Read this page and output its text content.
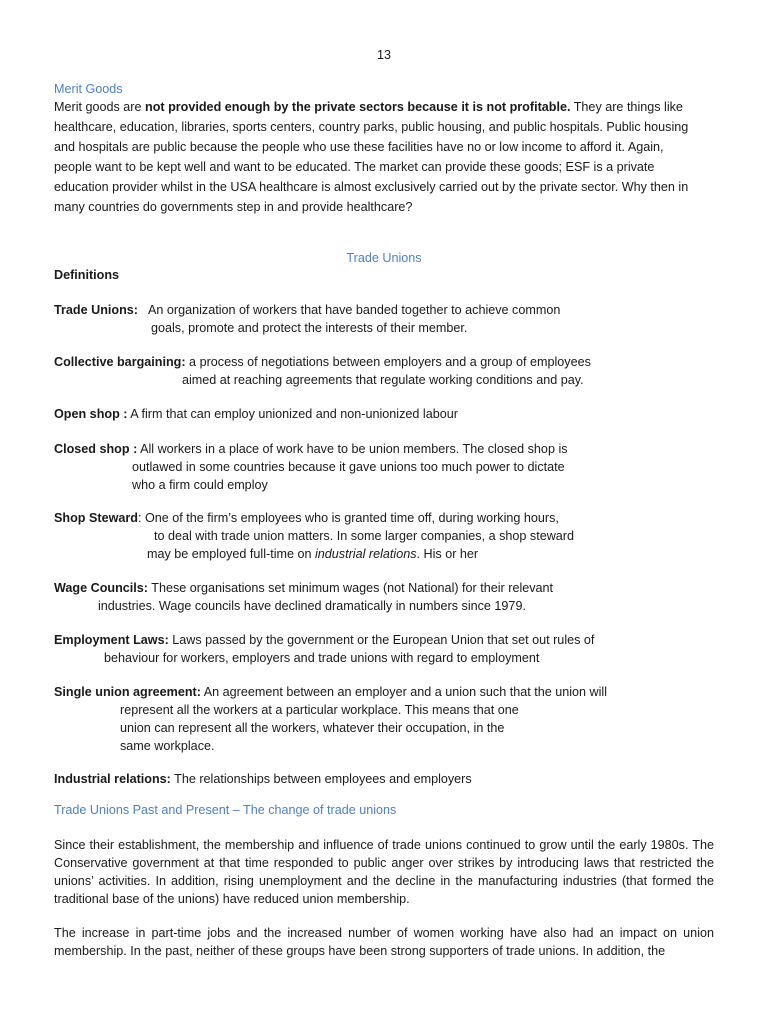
13
Merit Goods
Merit goods are not provided enough by the private sectors because it is not profitable. They are things like
healthcare, education, libraries, sports centers, country parks, public housing, and public hospitals. Public housing
and hospitals are public because the people who use these facilities have no or low income to afford it. Again,
people want to be kept well and want to be educated. The market can provide these goods; ESF is a private
education provider whilst in the USA healthcare is almost exclusively carried out by the private sector. Why then in
many countries do governments step in and provide healthcare?
Trade Unions
Definitions
Trade Unions: An organization of workers that have banded together to achieve common
goals, promote and protect the interests of their member.
Collective bargaining: a process of negotiations between employers and a group of employees
aimed at reaching agreements that regulate working conditions and pay.
Open shop : A firm that can employ unionized and non-unionized labour
Closed shop : All workers in a place of work have to be union members. The closed shop is
outlawed in some countries because it gave unions too much power to dictate
who a firm could employ
Shop Steward: One of the firm’s employees who is granted time off, during working hours,
to deal with trade union matters. In some larger companies, a shop steward
may be employed full-time on industrial relations. His or her
Wage Councils: These organisations set minimum wages (not National) for their relevant
industries. Wage councils have declined dramatically in numbers since 1979.
Employment Laws: Laws passed by the government or the European Union that set out rules of
behaviour for workers, employers and trade unions with regard to employment
Single union agreement: An agreement between an employer and a union such that the union will
represent all the workers at a particular workplace. This means that one
union can represent all the workers, whatever their occupation, in the
same workplace.
Industrial relations: The relationships between employees and employers
Trade Unions Past and Present – The change of trade unions
Since their establishment, the membership and influence of trade unions continued to grow until the early 1980s. The Conservative government at that time responded to public anger over strikes by introducing laws that restricted the unions’ activities. In addition, rising unemployment and the decline in the manufacturing industries (that formed the traditional base of the unions) have reduced union membership.
The increase in part-time jobs and the increased number of women working have also had an impact on union membership. In the past, neither of these groups have been strong supporters of trade unions. In addition, the
